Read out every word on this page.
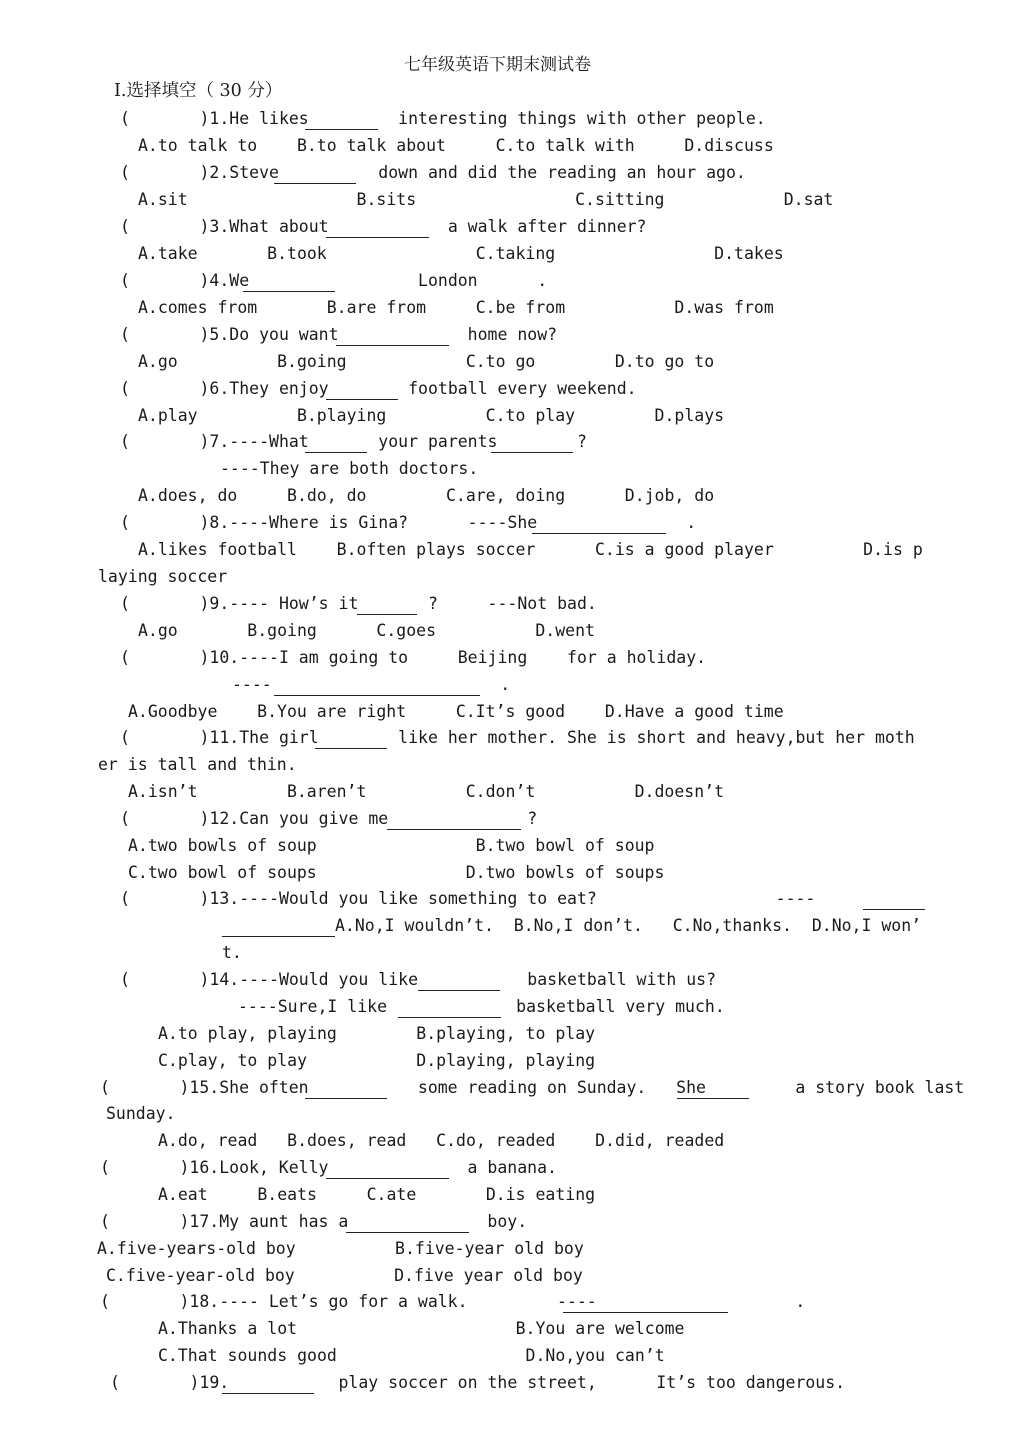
七年级英语下期末测试卷
Ⅰ.选择填空（ 30 分）
(       )1.He likes         interesting things with other people.
A.to talk to    B.to talk about     C.to talk with     D.discuss
(       )2.Steve          down and did the reading an hour ago.
A.sit                 B.sits                C.sitting            D.sat
(       )3.What about            a walk after dinner?
A.take       B.took               C.taking                D.takes
(       )4.We                 London      .
A.comes from       B.are from     C.be from           D.was from
(       )5.Do you want             home now?
A.go          B.going            C.to go        D.to go to
(       )6.They enjoy        football every weekend.
A.play          B.playing          C.to play        D.plays
(       )7.----What       your parents        ?
----They are both doctors.
A.does, do     B.do, do        C.are, doing      D.job, do
(       )8.----Where is Gina?      ----She               .
A.likes football    B.often plays soccer      C.is a good player         D.is p
laying soccer
(       )9.---- How’s it       ?     ---Not bad.
A.go       B.going      C.goes          D.went
(       )10.----I am going to     Beijing    for a holiday.
----                       .
A.Goodbye    B.You are right     C.It’s good    D.Have a good time
(       )11.The girl        like her mother. She is short and heavy,but her moth
er is tall and thin.
A.isn’t         B.aren’t          C.don’t          D.doesn’t
(       )12.Can you give me              ?
A.two bowls of soup                B.two bowl of soup
C.two bowl of soups               D.two bowls of soups
(       )13.----Would you like something to eat?                  ----
A.No,I wouldn’t.  B.No,I don’t.   C.No,thanks.  D.No,I won’
t.
(       )14.----Would you like           basketball with us?
----Sure,I like             basketball very much.
A.to play, playing        B.playing, to play
C.play, to play           D.playing, playing
(       )15.She often           some reading on Sunday.   She         a story book last
Sunday.
A.do, read   B.does, read   C.do, readed    D.did, readed
(       )16.Look, Kelly              a banana.
A.eat     B.eats     C.ate       D.is eating
(       )17.My aunt has a              boy.
A.five-years-old boy          B.five-year old boy
C.five-year-old boy          D.five year old boy
(       )18.---- Let’s go for a walk.         ----                    .
A.Thanks a lot                      B.You are welcome
C.That sounds good                   D.No,you can’t
(       )19.           play soccer on the street,      It’s too dangerous.
